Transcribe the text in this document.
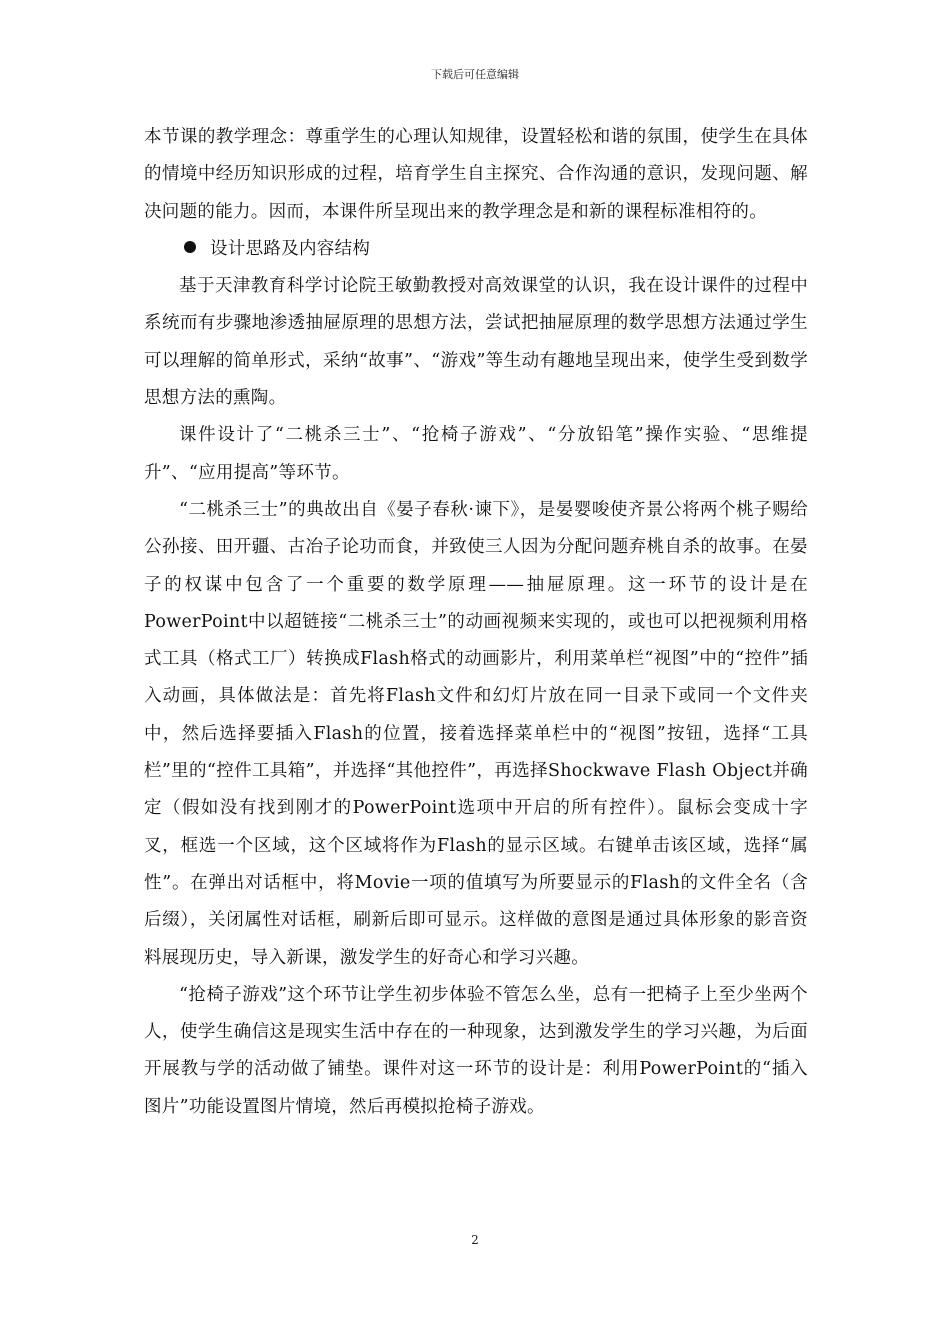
下载后可任意编辑

本节课的教学理念：尊重学生的心理认知规律，设置轻松和谐的氛围，使学生在具体的情境中经历知识形成的过程，培育学生自主探究、合作沟通的意识，发现问题、解决问题的能力。因而，本课件所呈现出来的教学理念是和新的课程标准相符的。

设计思路及内容结构

基于天津教育科学讨论院王敏勤教授对高效课堂的认识，我在设计课件的过程中系统而有步骤地渗透抽屉原理的思想方法，尝试把抽屉原理的数学思想方法通过学生可以理解的简单形式，采纳“故事”、“游戏”等生动有趣地呈现出来，使学生受到数学思想方法的熏陶。

课件设计了“二桃杀三士”、“抢椅子游戏”、“分放铅笔”操作实验、“思维提升”、“应用提高”等环节。

“二桃杀三士”的典故出自《晏子春秋·谏下》，是晏婴唆使齐景公将两个桃子赐给公孙接、田开疆、古冶子论功而食，并致使三人因为分配问题弃桃自杀的故事。在晏子的权谋中包含了一个重要的数学原理——抽屉原理。这一环节的设计是在PowerPoint中以超链接“二桃杀三士”的动画视频来实现的，或也可以把视频利用格式工具（格式工厂）转换成Flash格式的动画影片，利用菜单栏“视图”中的“控件”插入动画，具体做法是：首先将Flash文件和幻灯片放在同一目录下或同一个文件夹中，然后选择要插入Flash的位置，接着选择菜单栏中的“视图”按钮，选择“工具栏”里的“控件工具箱”，并选择“其他控件”，再选择Shockwave Flash Object并确定（假如没有找到刚才的PowerPoint选项中开启的所有控件）。鼠标会变成十字叉，框选一个区域，这个区域将作为Flash的显示区域。右键单击该区域，选择“属性”。在弹出对话框中，将Movie一项的值填写为所要显示的Flash的文件全名（含后缀），关闭属性对话框，刷新后即可显示。这样做的意图是通过具体形象的影音资料展现历史，导入新课，激发学生的好奇心和学习兴趣。

“抢椅子游戏”这个环节让学生初步体验不管怎么坐，总有一把椅子上至少坐两个人，使学生确信这是现实生活中存在的一种现象，达到激发学生的学习兴趣，为后面开展教与学的活动做了铺垫。课件对这一环节的设计是：利用PowerPoint的“插入图片”功能设置图片情境，然后再模拟抢椅子游戏。

2
